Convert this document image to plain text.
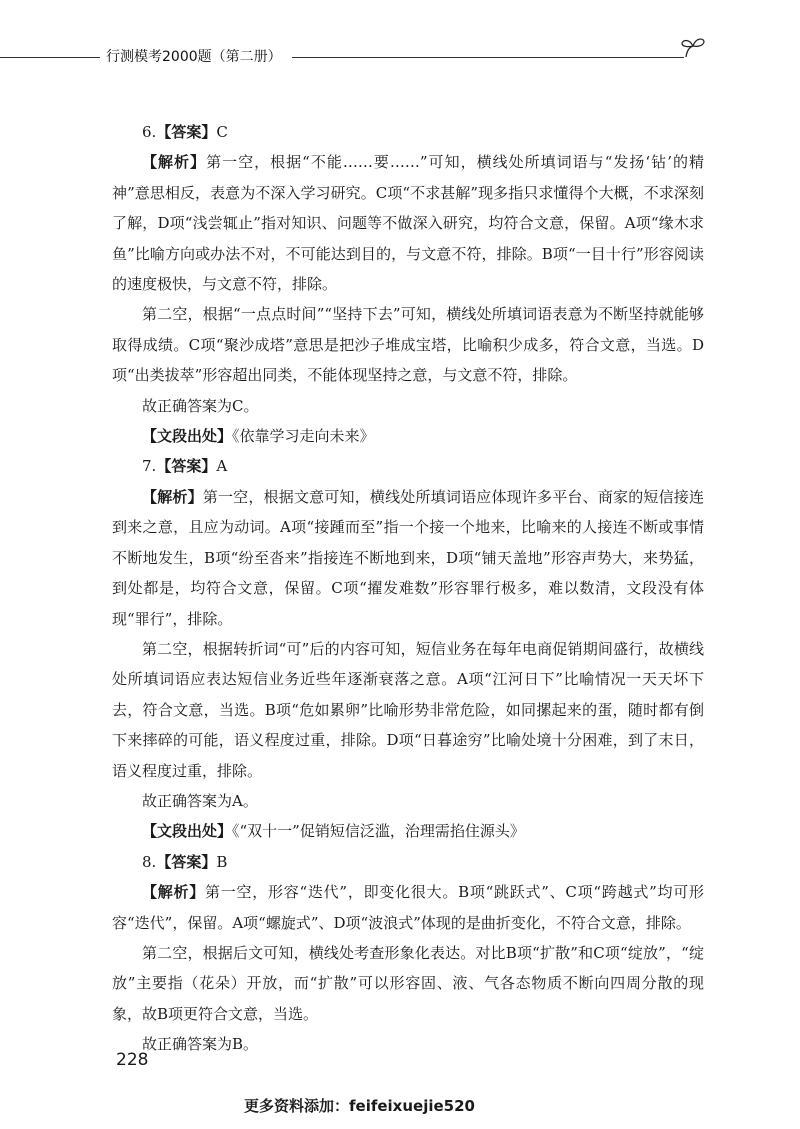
行测模考2000题（第二册）

6.【答案】C

【解析】第一空，根据“不能……要……”可知，横线处所填词语与“发扬‘钻’的精神”意思相反，表意为不深入学习研究。C项“不求甚解”现多指只求懂得个大概，不求深刻了解，D项“浅尝辄止”指对知识、问题等不做深入研究，均符合文意，保留。A项“缘木求鱼”比喻方向或办法不对，不可能达到目的，与文意不符，排除。B项“一目十行”形容阅读的速度极快，与文意不符，排除。

第二空，根据“一点点时间”“坚持下去”可知，横线处所填词语表意为不断坚持就能够取得成绩。C项“聚沙成塔”意思是把沙子堆成宝塔，比喻积少成多，符合文意，当选。D项“出类拔萃”形容超出同类，不能体现坚持之意，与文意不符，排除。

故正确答案为C。

【文段出处】《依靠学习走向未来》

7.【答案】A

【解析】第一空，根据文意可知，横线处所填词语应体现许多平台、商家的短信接连到来之意，且应为动词。A项“接踵而至”指一个接一个地来，比喻来的人接连不断或事情不断地发生，B项“纷至沓来”指接连不断地到来，D项“铺天盖地”形容声势大，来势猛，到处都是，均符合文意，保留。C项“擢发难数”形容罪行极多，难以数清，文段没有体现“罪行”，排除。

第二空，根据转折词“可”后的内容可知，短信业务在每年电商促销期间盛行，故横线处所填词语应表达短信业务近些年逐渐衰落之意。A项“江河日下”比喻情况一天天坏下去，符合文意，当选。B项“危如累卵”比喻形势非常危险，如同摞起来的蛋，随时都有倒下来摔碎的可能，语义程度过重，排除。D项“日暮途穷”比喻处境十分困难，到了末日，语义程度过重，排除。

故正确答案为A。

【文段出处】《“双十一”促销短信泛滥，治理需掐住源头》

8.【答案】B

【解析】第一空，形容“迭代”，即变化很大。B项“跳跃式”、C项“跨越式”均可形容“迭代”，保留。A项“螺旋式”、D项“波浪式”体现的是曲折变化，不符合文意，排除。

第二空，根据后文可知，横线处考查形象化表达。对比B项“扩散”和C项“绽放”，“绽放”主要指（花朵）开放，而“扩散”可以形容固、液、气各态物质不断向四周分散的现象，故B项更符合文意，当选。

故正确答案为B。

228
更多资料添加：feifeixuejie520
